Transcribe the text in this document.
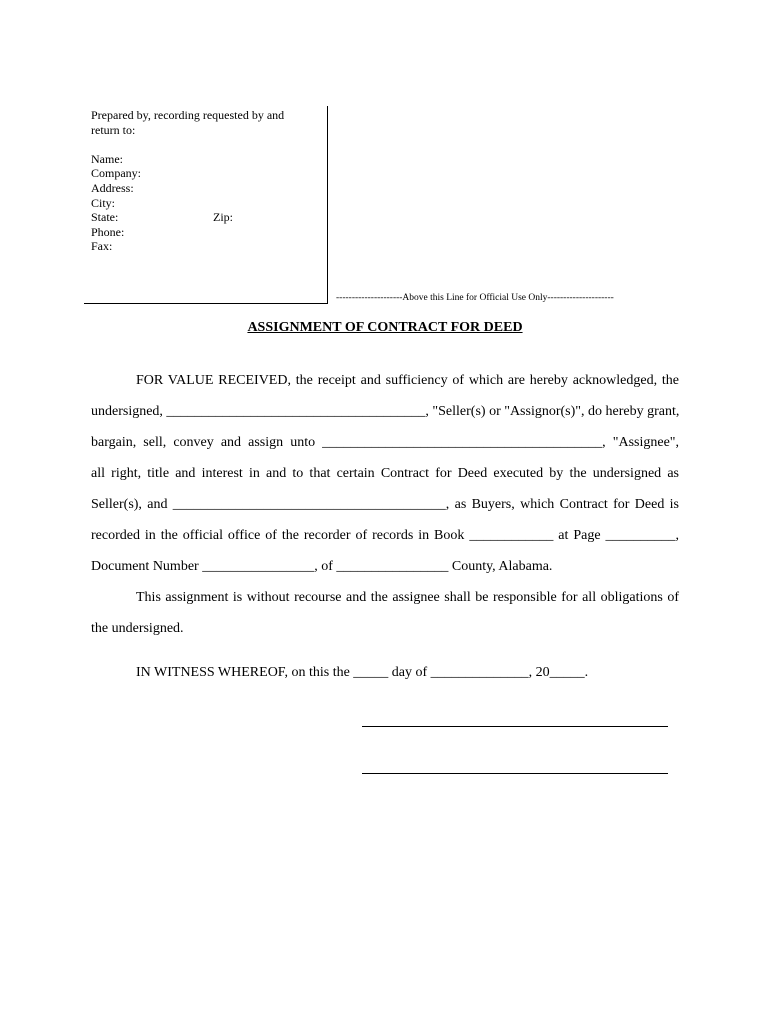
Prepared by, recording requested by and
return to:
Name:
Company:
Address:
City:
State:	Zip:
Phone:
Fax:
---------------------Above this Line for Official Use Only---------------------
ASSIGNMENT OF CONTRACT FOR DEED
FOR VALUE RECEIVED, the receipt and sufficiency of which are hereby acknowledged, the
undersigned, _____________________________________, "Seller(s) or "Assignor(s)", do hereby grant,
bargain, sell, convey and assign unto ________________________________________, "Assignee",
all right, title and interest in and to that certain Contract for Deed executed by the undersigned as
Seller(s), and _______________________________________, as Buyers, which Contract for Deed is
recorded in the official office of the recorder of records in Book ____________ at Page __________,
Document Number ________________, of ________________ County, Alabama.
This assignment is without recourse and the assignee shall be responsible for all obligations of
the undersigned.
IN WITNESS WHEREOF, on this the _____ day of ______________, 20_____.
